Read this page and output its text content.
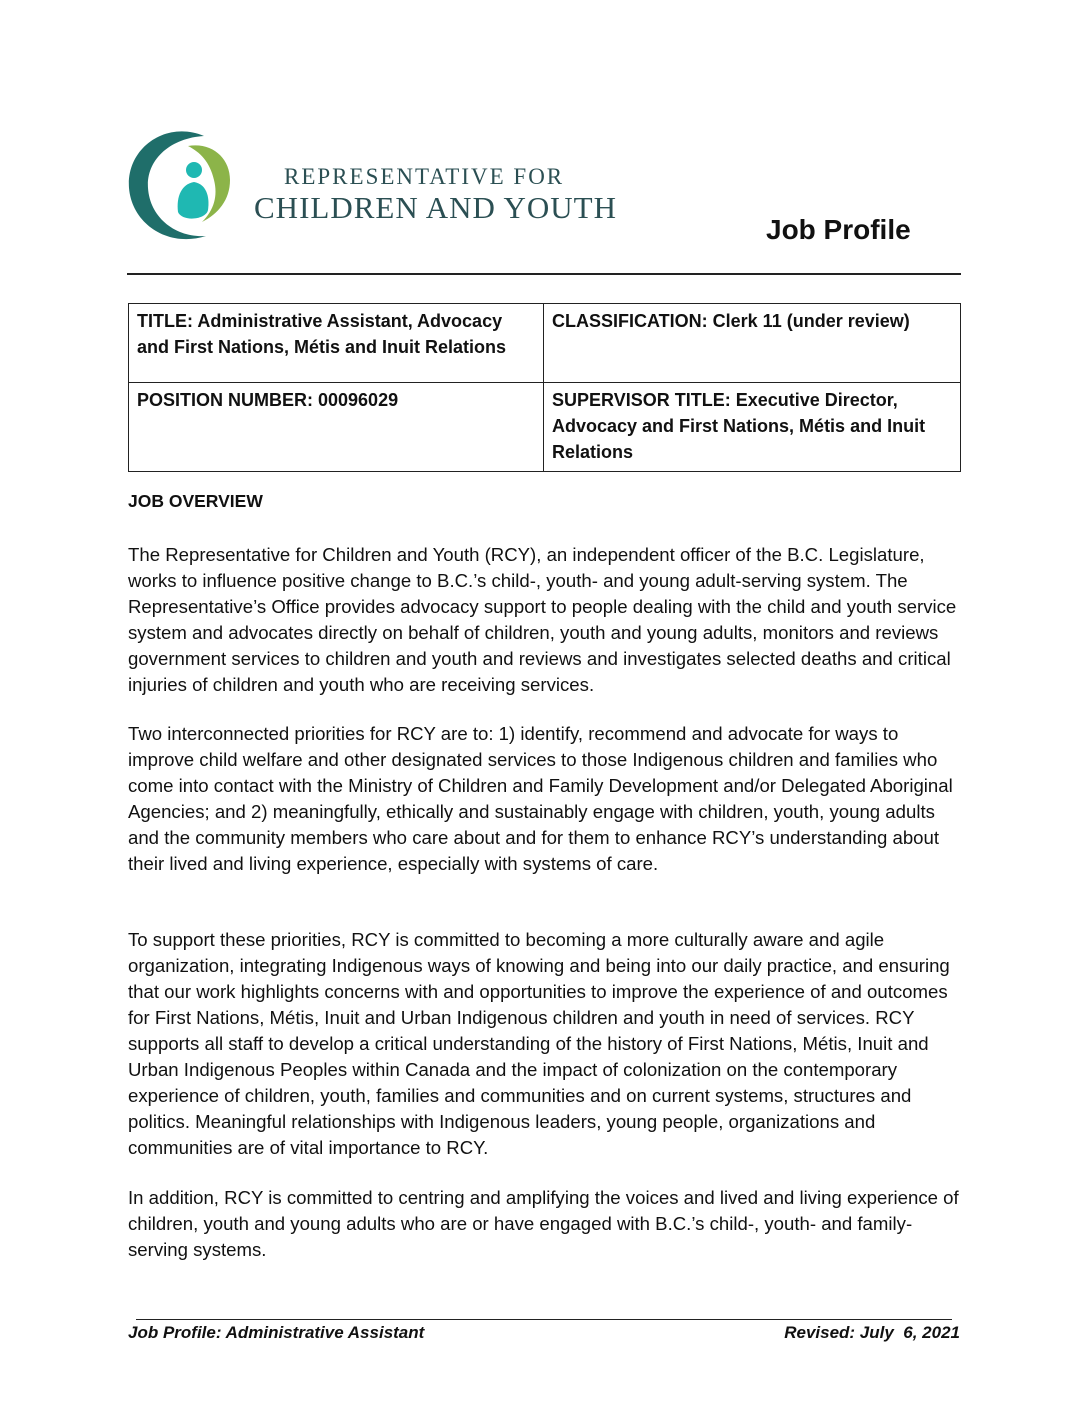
REPRESENTATIVE FOR
CHILDREN AND YOUTH
Job Profile
TITLE: Administrative Assistant, Advocacy and First Nations, Métis and Inuit Relations	CLASSIFICATION: Clerk 11 (under review)
POSITION NUMBER: 00096029	SUPERVISOR TITLE: Executive Director, Advocacy and First Nations, Métis and Inuit Relations
JOB OVERVIEW

The Representative for Children and Youth (RCY), an independent officer of the B.C. Legislature, works to influence positive change to B.C.’s child-, youth- and young adult-serving system. The Representative’s Office provides advocacy support to people dealing with the child and youth service system and advocates directly on behalf of children, youth and young adults, monitors and reviews government services to children and youth and reviews and investigates selected deaths and critical injuries of children and youth who are receiving services.

Two interconnected priorities for RCY are to: 1) identify, recommend and advocate for ways to improve child welfare and other designated services to those Indigenous children and families who come into contact with the Ministry of Children and Family Development and/or Delegated Aboriginal Agencies; and 2) meaningfully, ethically and sustainably engage with children, youth, young adults and the community members who care about and for them to enhance RCY’s understanding about their lived and living experience, especially with systems of care.

To support these priorities, RCY is committed to becoming a more culturally aware and agile organization, integrating Indigenous ways of knowing and being into our daily practice, and ensuring that our work highlights concerns with and opportunities to improve the experience of and outcomes for First Nations, Métis, Inuit and Urban Indigenous children and youth in need of services. RCY supports all staff to develop a critical understanding of the history of First Nations, Métis, Inuit and Urban Indigenous Peoples within Canada and the impact of colonization on the contemporary experience of children, youth, families and communities and on current systems, structures and politics. Meaningful relationships with Indigenous leaders, young people, organizations and communities are of vital importance to RCY.

In addition, RCY is committed to centring and amplifying the voices and lived and living experience of children, youth and young adults who are or have engaged with B.C.’s child-, youth- and family-serving systems.

Job Profile: Administrative Assistant	Revised: July  6, 2021
